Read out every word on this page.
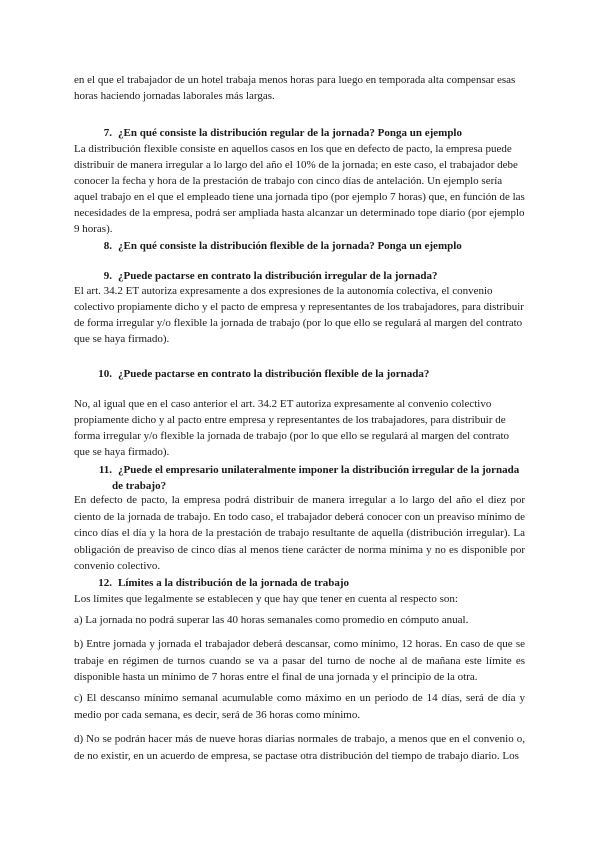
en el que el trabajador de un hotel trabaja menos horas para luego en temporada alta compensar esas horas haciendo jornadas laborales más largas.

7. ¿En qué consiste la distribución regular de la jornada? Ponga un ejemplo

La distribución flexible consiste en aquellos casos en los que en defecto de pacto, la empresa puede distribuir de manera irregular a lo largo del año el 10% de la jornada; en este caso, el trabajador debe conocer la fecha y hora de la prestación de trabajo con cinco días de antelación. Un ejemplo sería aquel trabajo en el que el empleado tiene una jornada tipo (por ejemplo 7 horas) que, en función de las necesidades de la empresa, podrá ser ampliada hasta alcanzar un determinado tope diario (por ejemplo 9 horas).

8. ¿En qué consiste la distribución flexible de la jornada? Ponga un ejemplo
9. ¿Puede pactarse en contrato la distribución irregular de la jornada?

El art. 34.2 ET autoriza expresamente a dos expresiones de la autonomía colectiva, el convenio colectivo propiamente dicho y el pacto de empresa y representantes de los trabajadores, para distribuir de forma irregular y/o flexible la jornada de trabajo (por lo que ello se regulará al margen del contrato que se haya firmado).

10. ¿Puede pactarse en contrato la distribución flexible de la jornada?

No, al igual que en el caso anterior el art. 34.2 ET autoriza expresamente al convenio colectivo propiamente dicho y al pacto entre empresa y representantes de los trabajadores, para distribuir de forma irregular y/o flexible la jornada de trabajo (por lo que ello se regulará al margen del contrato que se haya firmado).

11. ¿Puede el empresario unilateralmente imponer la distribución irregular de la jornada de trabajo?

En defecto de pacto, la empresa podrá distribuir de manera irregular a lo largo del año el diez por ciento de la jornada de trabajo. En todo caso, el trabajador deberá conocer con un preaviso mínimo de cinco días el día y la hora de la prestación de trabajo resultante de aquella (distribución irregular). La obligación de preaviso de cinco días al menos tiene carácter de norma mínima y no es disponible por convenio colectivo.

12. Límites a la distribución de la jornada de trabajo

Los límites que legalmente se establecen y que hay que tener en cuenta al respecto son:

a) La jornada no podrá superar las 40 horas semanales como promedio en cómputo anual.

b) Entre jornada y jornada el trabajador deberá descansar, como mínimo, 12 horas. En caso de que se trabaje en régimen de turnos cuando se va a pasar del turno de noche al de mañana este límite es disponible hasta un mínimo de 7 horas entre el final de una jornada y el principio de la otra.

c) El descanso mínimo semanal acumulable como máximo en un periodo de 14 días, será de día y medio por cada semana, es decir, será de 36 horas como mínimo.

d) No se podrán hacer más de nueve horas diarias normales de trabajo, a menos que en el convenio o, de no existir, en un acuerdo de empresa, se pactase otra distribución del tiempo de trabajo diario. Los
